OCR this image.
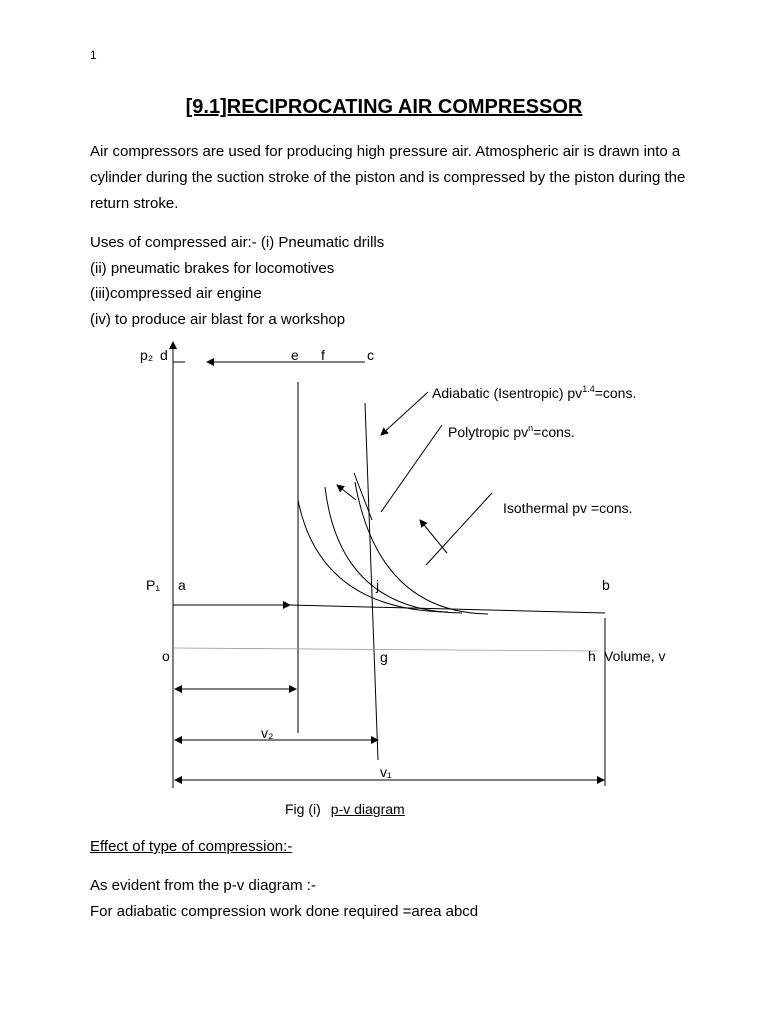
1
[9.1]RECIPROCATING AIR COMPRESSOR
Air compressors are used for producing high pressure air. Atmospheric air is drawn into a cylinder during the suction stroke of the piston and is compressed by the piston during the return stroke.
Uses of compressed air:- (i) Pneumatic drills
(ii) pneumatic brakes for locomotives
(iii)compressed air engine
(iv) to produce air blast for a workshop
p₂ d	e f	c
P₁ a	j	b
o	g	h Volume, v
v₂
v₁
Adiabatic (Isentropic) $pv^{1.4}=cons$.
Polytropic $pv^n=cons$.
Isothermal pv =cons.
Fig (i) p-v diagram
Effect of type of compression:-
As evident from the p-v diagram :-
For adiabatic compression work done required =area abcd
